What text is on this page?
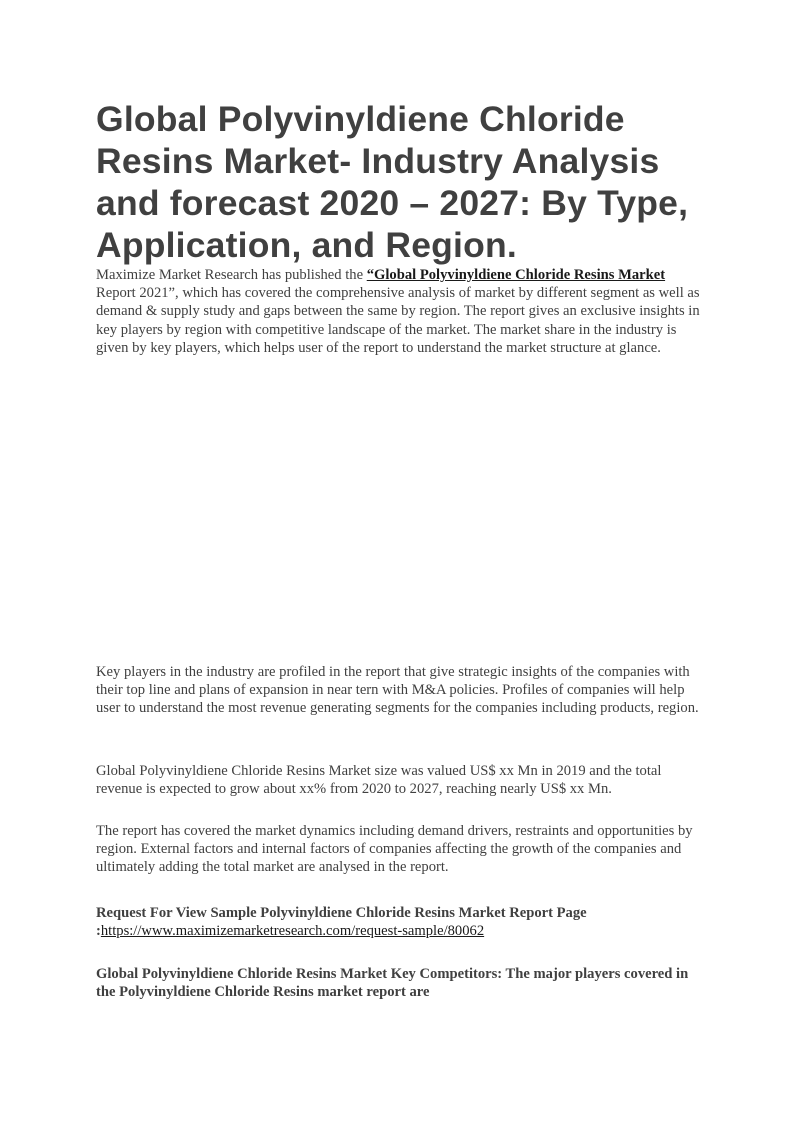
Global Polyvinyldiene Chloride Resins Market- Industry Analysis and forecast 2020 – 2027: By Type, Application, and Region.

Maximize Market Research has published the “Global Polyvinyldiene Chloride Resins Market Report 2021”, which has covered the comprehensive analysis of market by different segment as well as demand & supply study and gaps between the same by region. The report gives an exclusive insights in key players by region with competitive landscape of the market. The market share in the industry is given by key players, which helps user of the report to understand the market structure at glance.

Key players in the industry are profiled in the report that give strategic insights of the companies with their top line and plans of expansion in near tern with M&A policies. Profiles of companies will help user to understand the most revenue generating segments for the companies including products, region.

Global Polyvinyldiene Chloride Resins Market size was valued US$ xx Mn in 2019 and the total revenue is expected to grow about xx% from 2020 to 2027, reaching nearly US$ xx Mn.

The report has covered the market dynamics including demand drivers, restraints and opportunities by region. External factors and internal factors of companies affecting the growth of the companies and ultimately adding the total market are analysed in the report.

Request For View Sample Polyvinyldiene Chloride Resins Market Report Page :https://www.maximizemarketresearch.com/request-sample/80062

Global Polyvinyldiene Chloride Resins Market Key Competitors: The major players covered in the Polyvinyldiene Chloride Resins market report are
